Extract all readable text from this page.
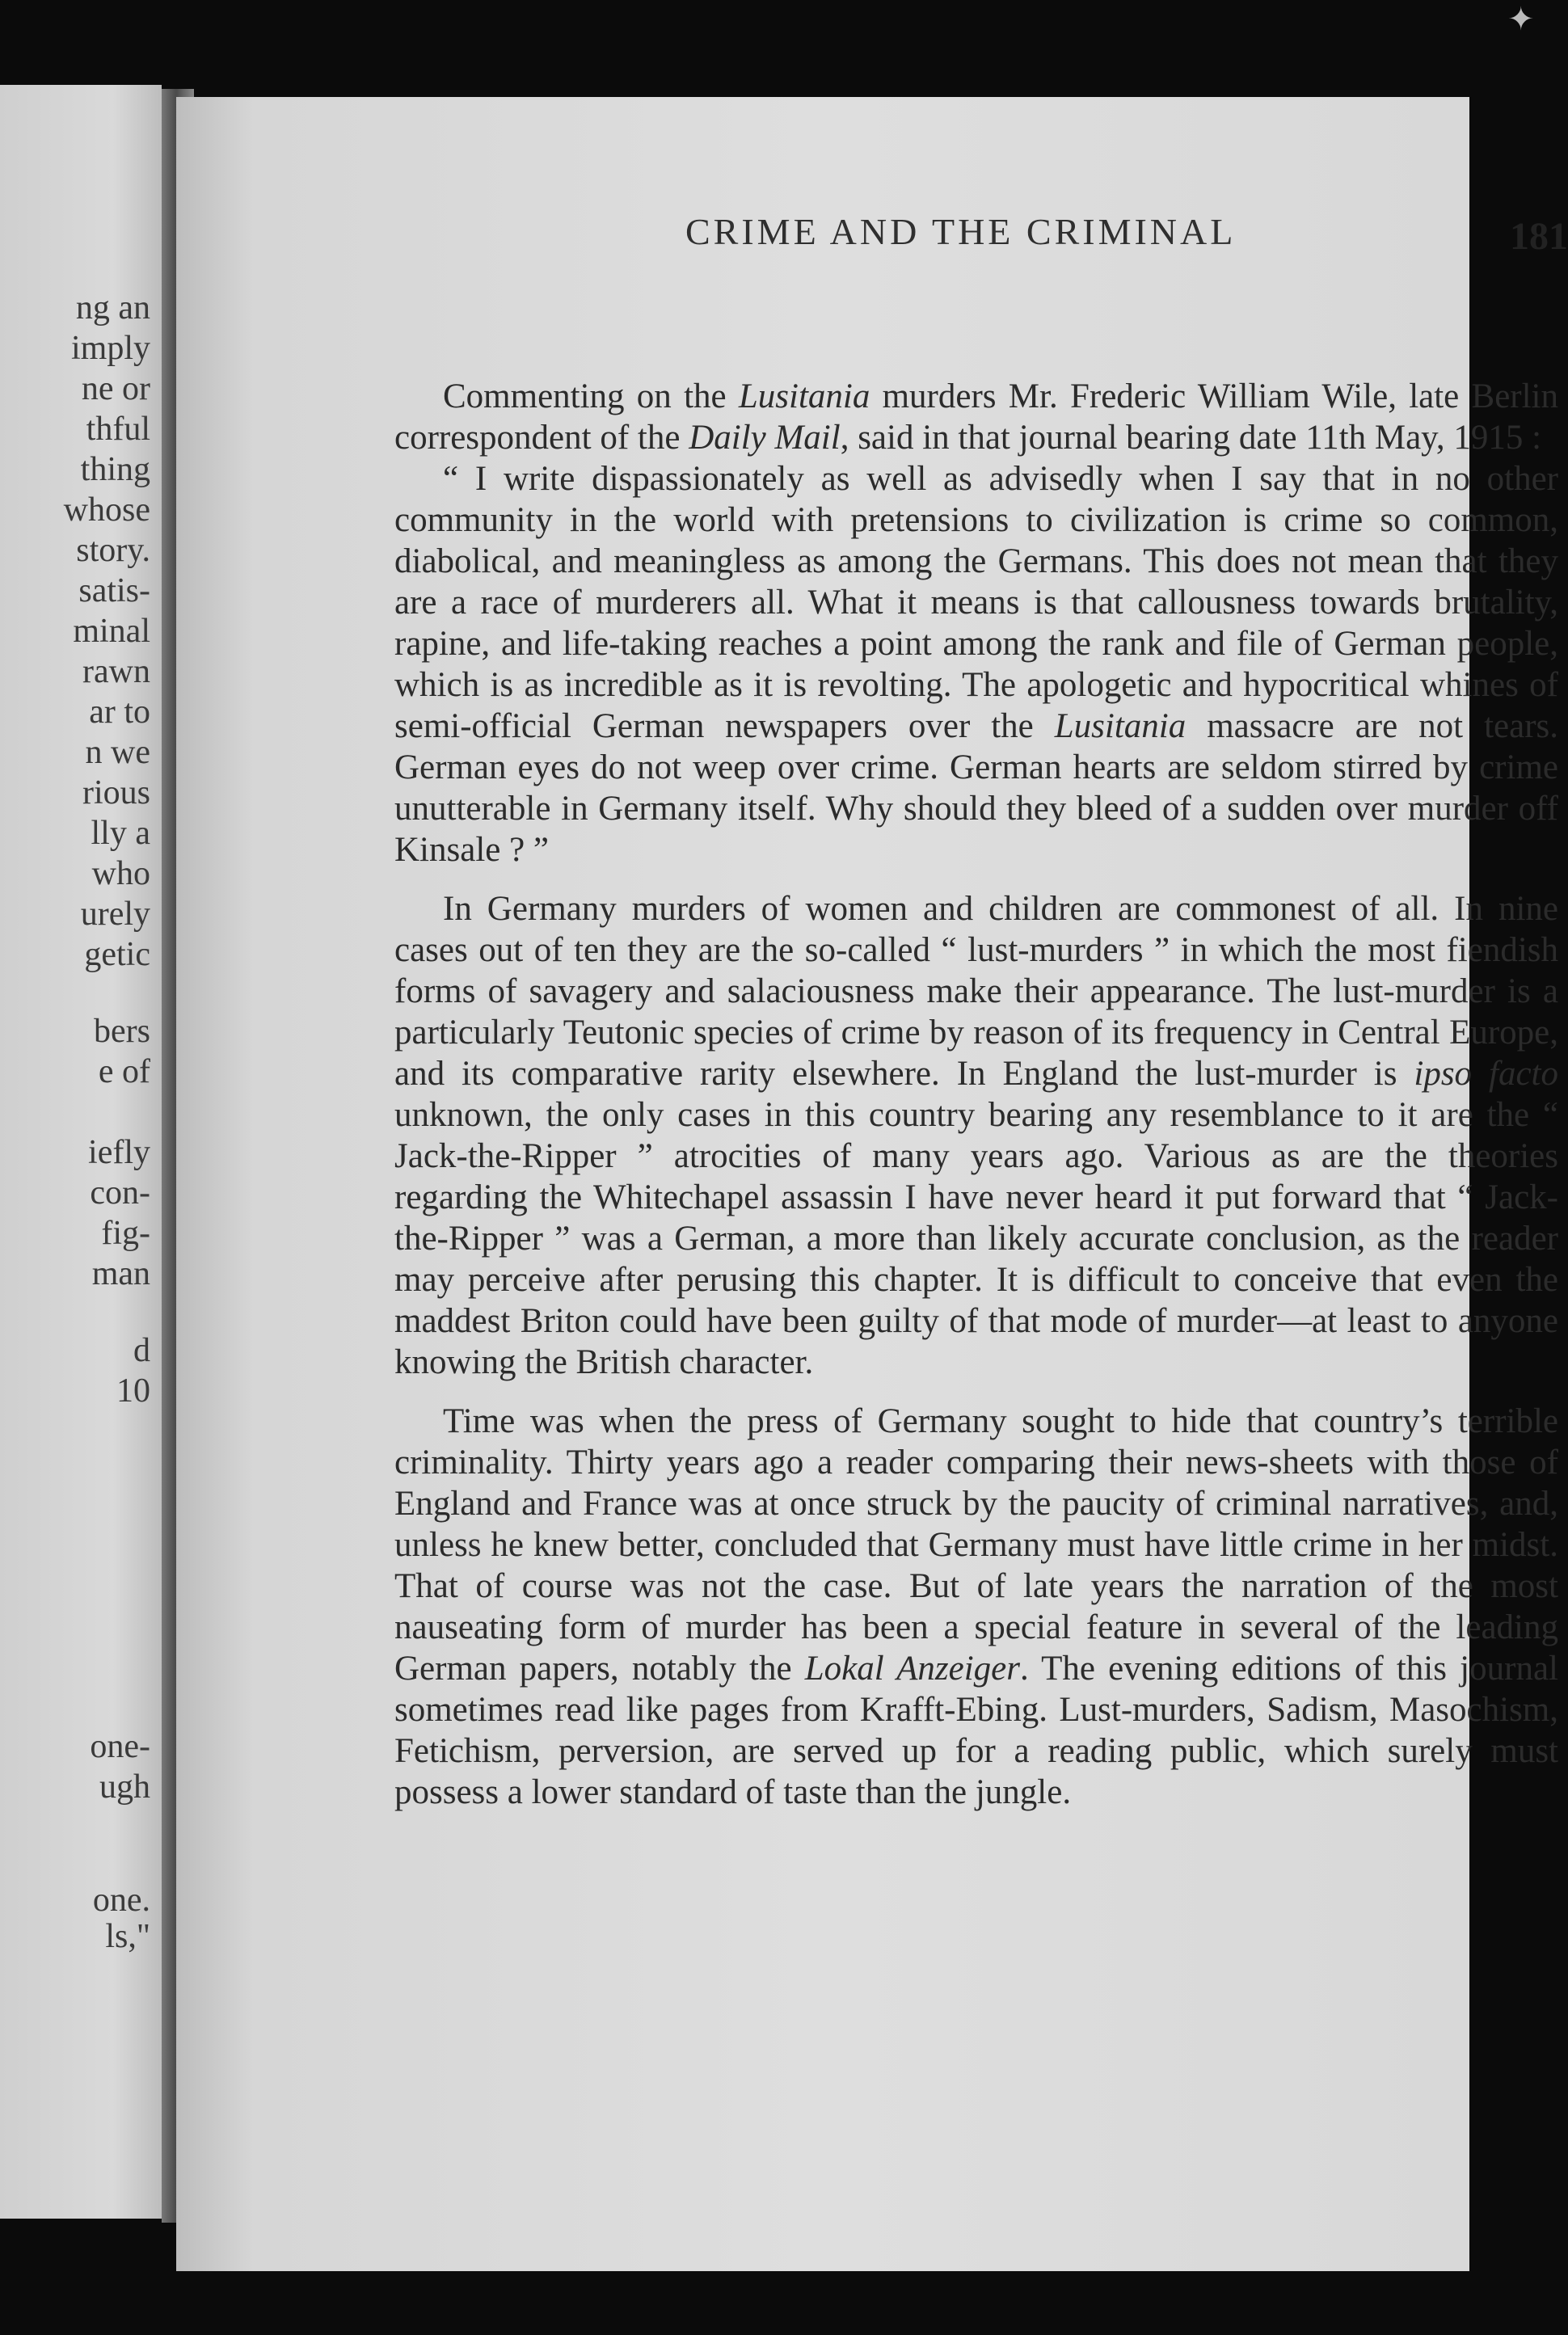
✦
ng an
imply
ne or
thful
thing
whose
story.
satis-
minal
rawn
ar to
n we
rious
lly a
who
urely
getic
bers
e of
iefly
con-
fig-
man
d
10
one-
ugh
one.
ls,"
CRIME AND THE CRIMINAL	181

Commenting on the Lusitania murders Mr. Frederic William Wile, late Berlin correspondent of the Daily Mail, said in that journal bearing date 11th May, 1915 :

“ I write dispassionately as well as advisedly when I say that in no other community in the world with pretensions to civilization is crime so common, diabolical, and meaningless as among the Germans. This does not mean that they are a race of murderers all. What it means is that callousness towards brutality, rapine, and life-taking reaches a point among the rank and file of German people, which is as incredible as it is revolting. The apologetic and hypocritical whines of semi-official German newspapers over the Lusitania massacre are not tears. German eyes do not weep over crime. German hearts are seldom stirred by crime unutterable in Germany itself. Why should they bleed of a sudden over murder off Kinsale ? ”

In Germany murders of women and children are commonest of all. In nine cases out of ten they are the so-called “ lust-murders ” in which the most fiendish forms of savagery and salaciousness make their appearance. The lust-murder is a particularly Teutonic species of crime by reason of its frequency in Central Europe, and its comparative rarity elsewhere. In England the lust-murder is ipso facto unknown, the only cases in this country bearing any resemblance to it are the “ Jack-the-Ripper ” atrocities of many years ago. Various as are the theories regarding the Whitechapel assassin I have never heard it put forward that “ Jack-the-Ripper ” was a German, a more than likely accurate conclusion, as the reader may perceive after perusing this chapter. It is difficult to conceive that even the maddest Briton could have been guilty of that mode of murder—at least to anyone knowing the British character.

Time was when the press of Germany sought to hide that country’s terrible criminality. Thirty years ago a reader comparing their news-sheets with those of England and France was at once struck by the paucity of criminal narratives, and, unless he knew better, concluded that Germany must have little crime in her midst. That of course was not the case. But of late years the narration of the most nauseating form of murder has been a special feature in several of the leading German papers, notably the Lokal Anzeiger. The evening editions of this journal sometimes read like pages from Krafft-Ebing. Lust-murders, Sadism, Masochism, Fetichism, perversion, are served up for a reading public, which surely must possess a lower standard of taste than the jungle.
